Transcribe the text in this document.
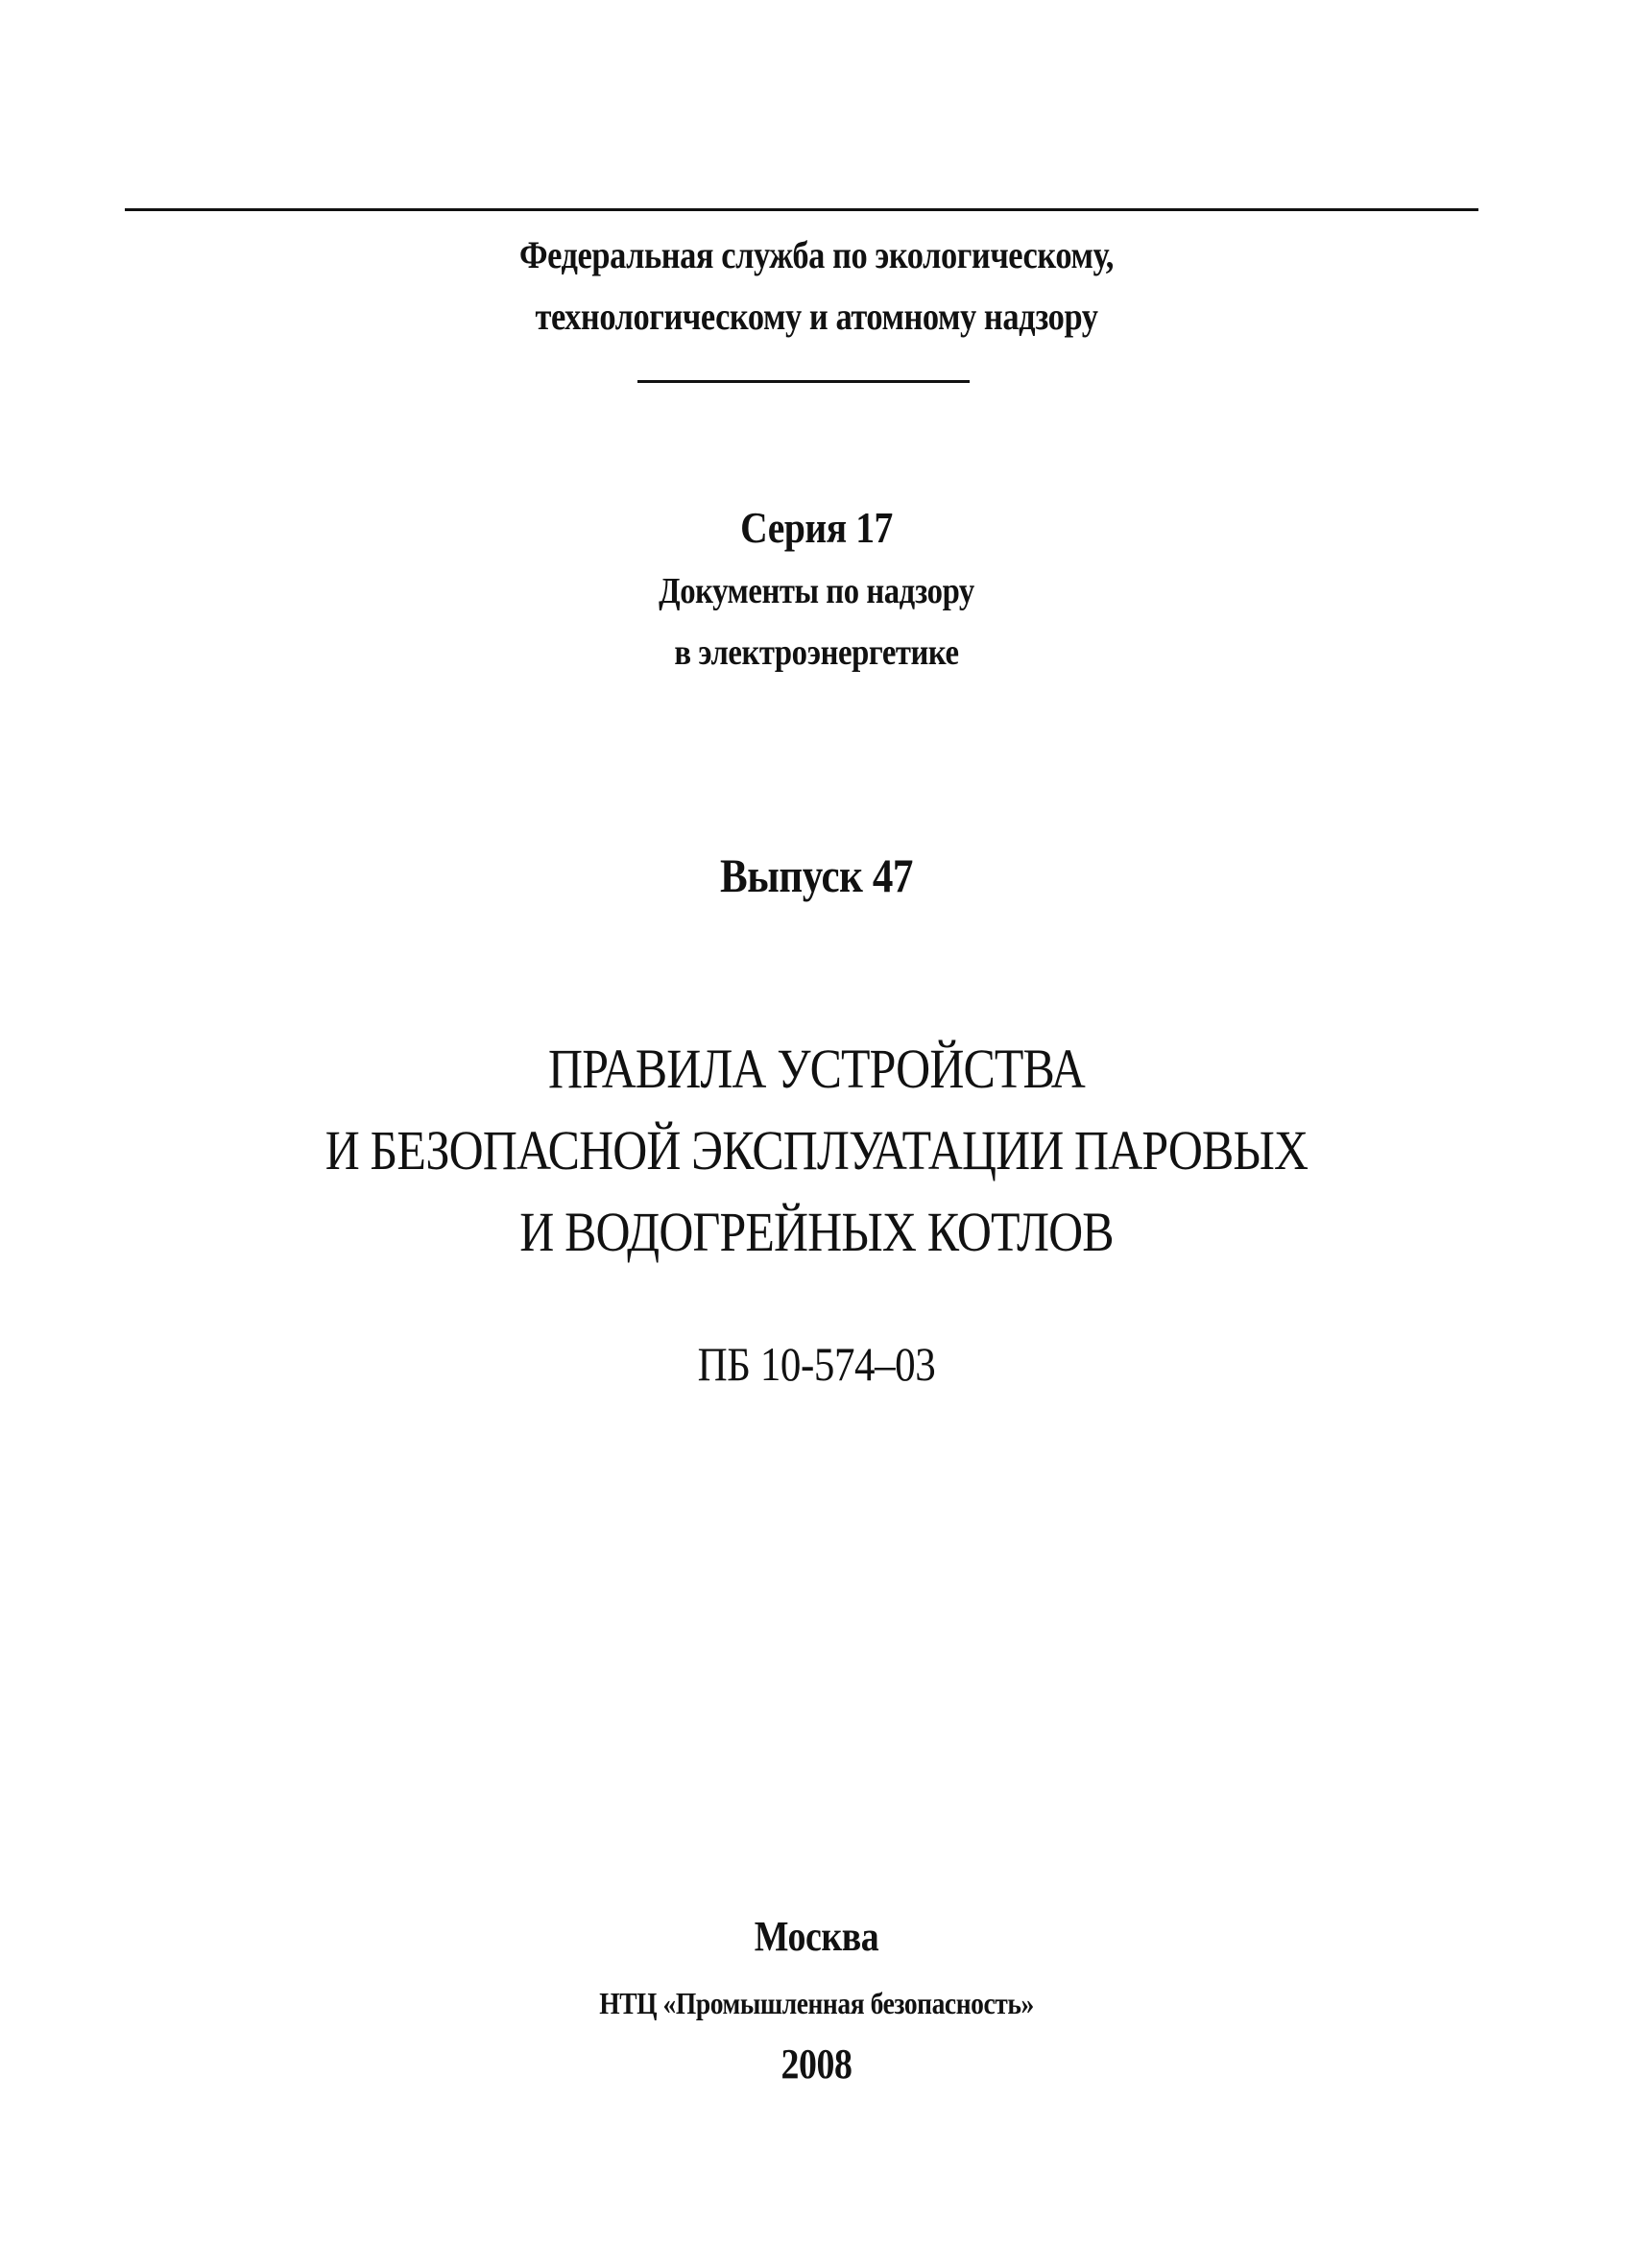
Федеральная служба по экологическому,
технологическому и атомному надзору
Серия 17
Документы по надзору
в электроэнергетике
Выпуск 47
ПРАВИЛА УСТРОЙСТВА
И БЕЗОПАСНОЙ ЭКСПЛУАТАЦИИ ПАРОВЫХ
И ВОДОГРЕЙНЫХ КОТЛОВ
ПБ 10-574–03
Москва
НТЦ «Промышленная безопасность»
2008
